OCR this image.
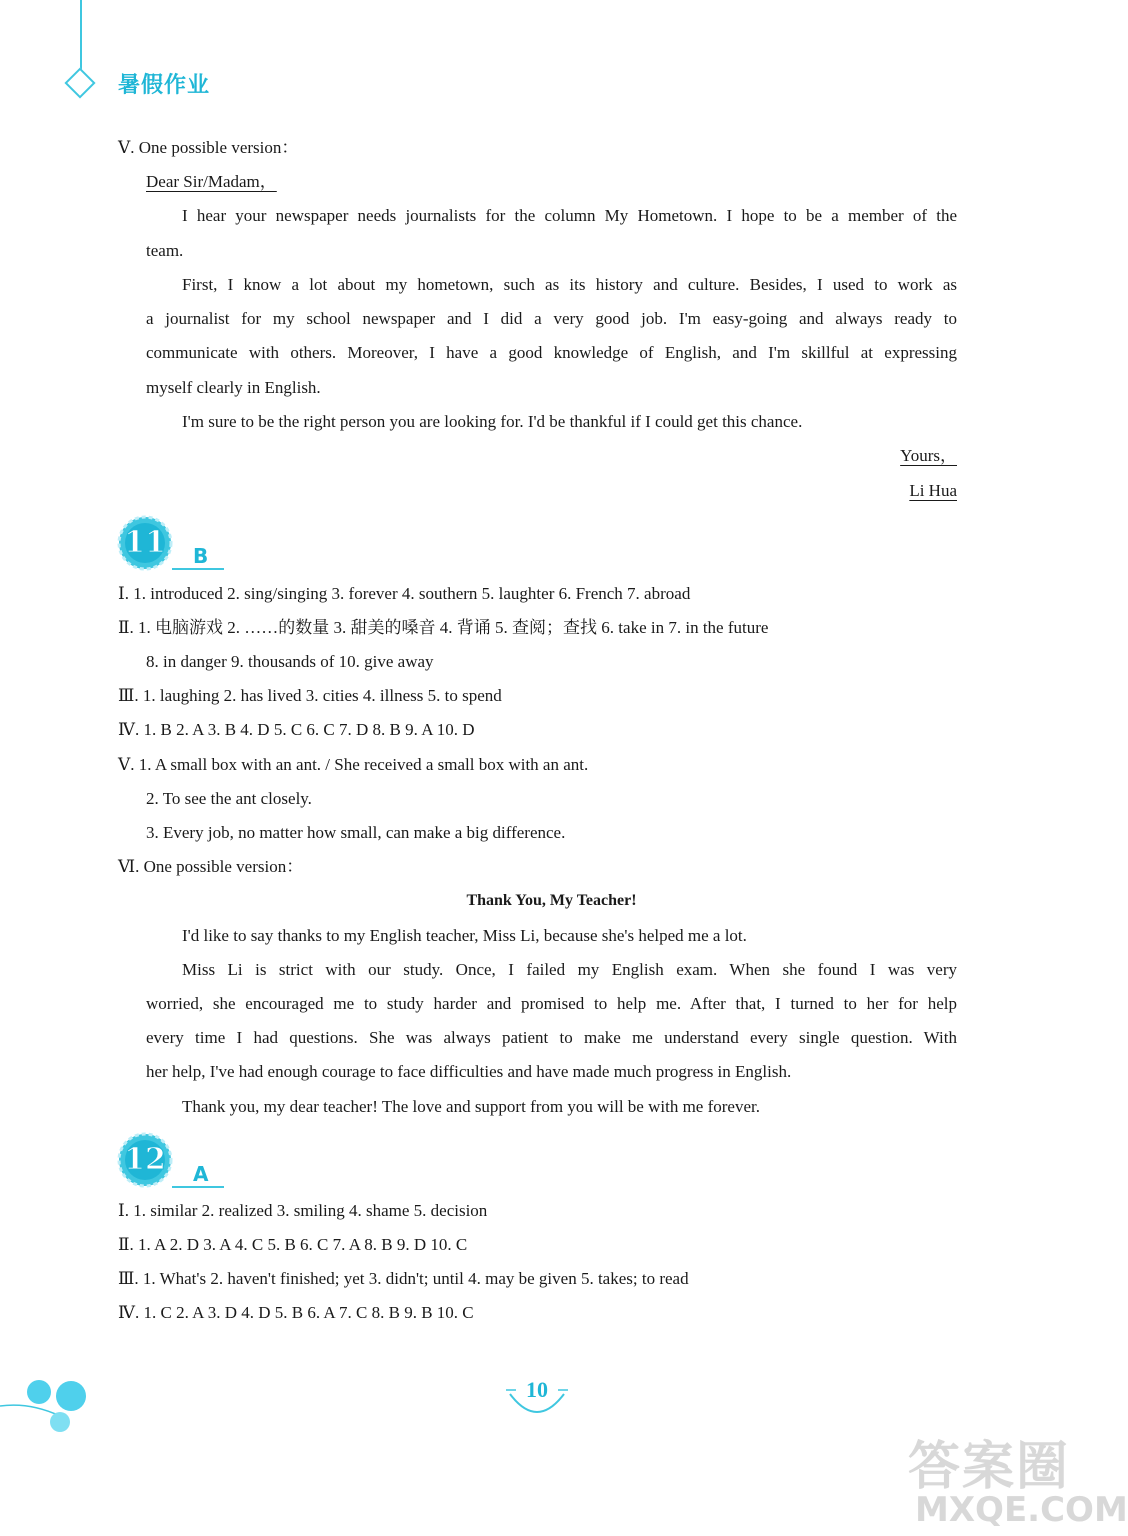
暑假作业
Ⅴ. One possible version：
Dear Sir/Madam，
I hear your newspaper needs journalists for the column My Hometown. I hope to be a member of the
team.
First, I know a lot about my hometown, such as its history and culture. Besides, I used to work as
a journalist for my school newspaper and I did a very good job. I'm easy-going and always ready to
communicate with others. Moreover, I have a good knowledge of English, and I'm skillful at expressing
myself clearly in English.
I'm sure to be the right person you are looking for. I'd be thankful if I could get this chance.
Yours，
Li Hua
11	B
Ⅰ. 1. introduced 2. sing/singing 3. forever 4. southern 5. laughter 6. French 7. abroad
Ⅱ. 1. 电脑游戏 2. ……的数量 3. 甜美的嗓音 4. 背诵 5. 查阅；查找 6. take in 7. in the future
8. in danger 9. thousands of 10. give away
Ⅲ. 1. laughing 2. has lived 3. cities 4. illness 5. to spend
Ⅳ. 1. B 2. A 3. B 4. D 5. C 6. C 7. D 8. B 9. A 10. D
Ⅴ. 1. A small box with an ant. / She received a small box with an ant.
2. To see the ant closely.
3. Every job, no matter how small, can make a big difference.
Ⅵ. One possible version：
Thank You, My Teacher!
I'd like to say thanks to my English teacher, Miss Li, because she's helped me a lot.
Miss Li is strict with our study. Once, I failed my English exam. When she found I was very
worried, she encouraged me to study harder and promised to help me. After that, I turned to her for help
every time I had questions. She was always patient to make me understand every single question. With
her help, I've had enough courage to face difficulties and have made much progress in English.
Thank you, my dear teacher! The love and support from you will be with me forever.
12	A
Ⅰ. 1. similar 2. realized 3. smiling 4. shame 5. decision
Ⅱ. 1. A 2. D 3. A 4. C 5. B 6. C 7. A 8. B 9. D 10. C
Ⅲ. 1. What's 2. haven't finished; yet 3. didn't; until 4. may be given 5. takes; to read
Ⅳ. 1. C 2. A 3. D 4. D 5. B 6. A 7. C 8. B 9. B 10. C
10
答案圈
MXQE.COM
